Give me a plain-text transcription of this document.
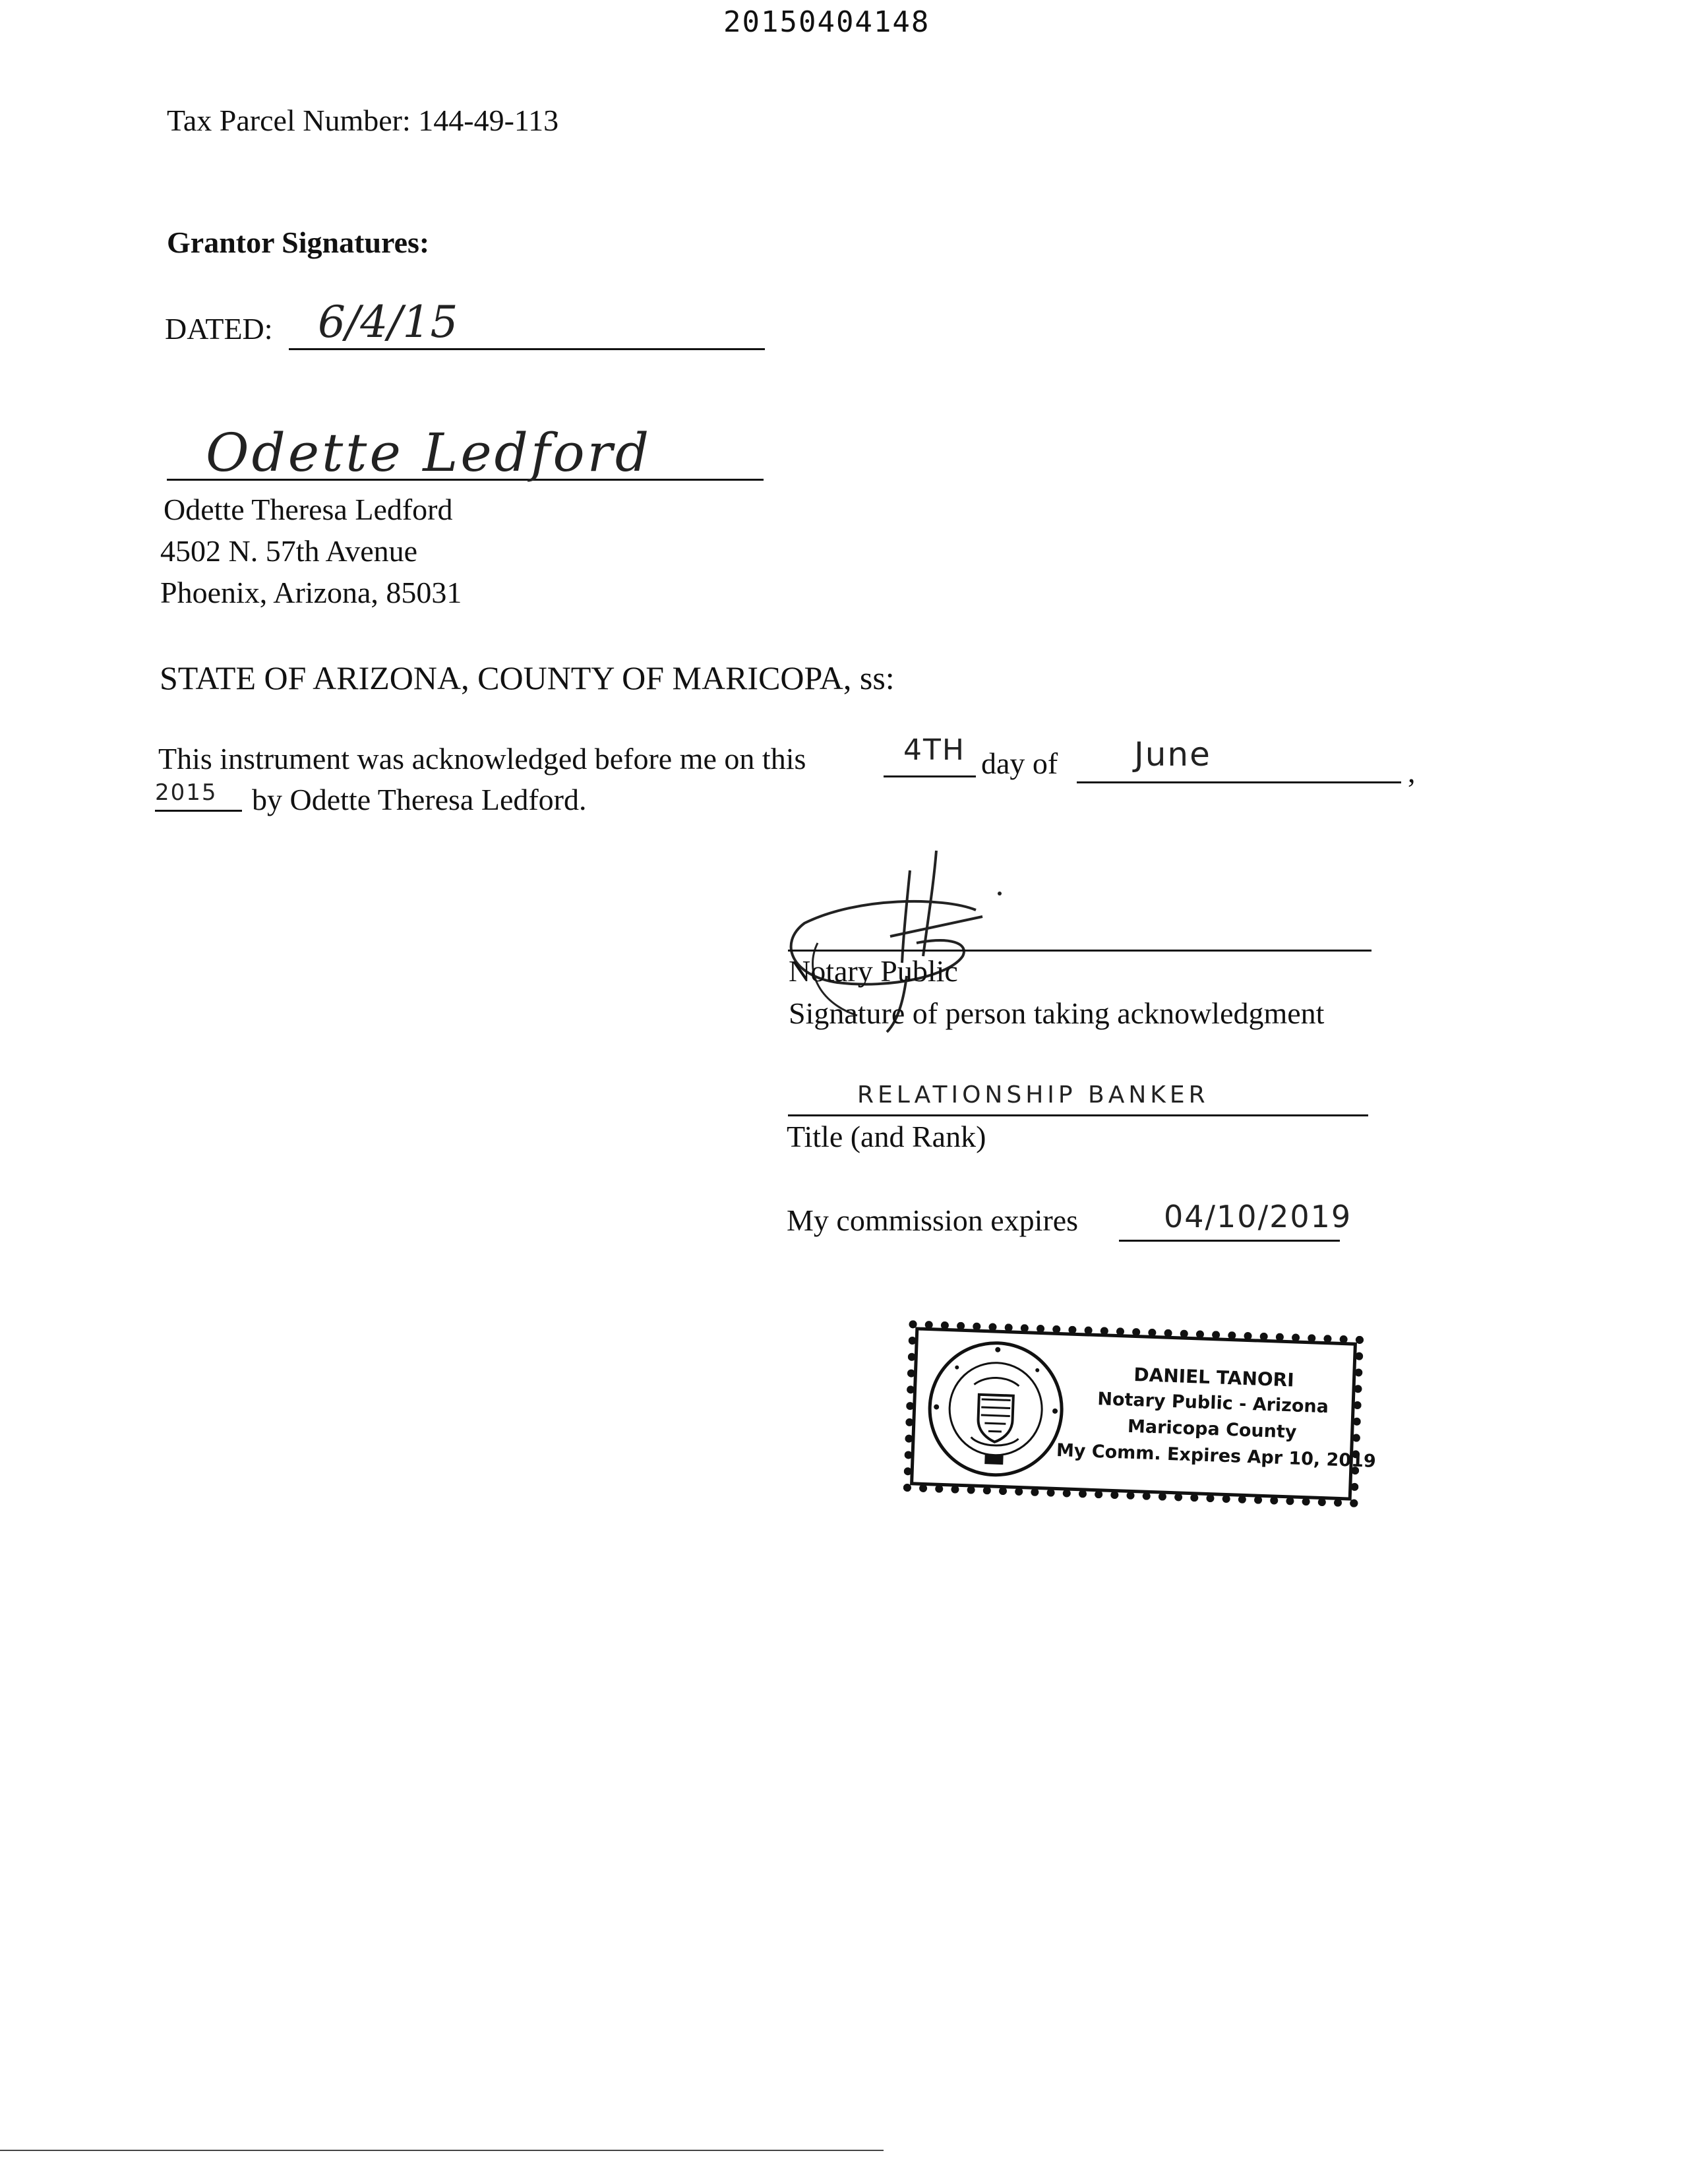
20150404148
Tax Parcel Number: 144-49-113
Grantor Signatures:
DATED: 6/4/15
Odette Ledford
Odette Theresa Ledford
4502 N. 57th Avenue
Phoenix, Arizona, 85031
STATE OF ARIZONA, COUNTY OF MARICOPA, ss:
This instrument was acknowledged before me on this	4TH day of June	,
2015 by Odette Theresa Ledford.
Notary Public
Signature of person taking acknowledgment
RELATIONSHIP BANKER
Title (and Rank)
My commission expires	04/10/2019
DANIEL TANORI
Notary Public - Arizona
Maricopa County
My Comm. Expires Apr 10, 2019
